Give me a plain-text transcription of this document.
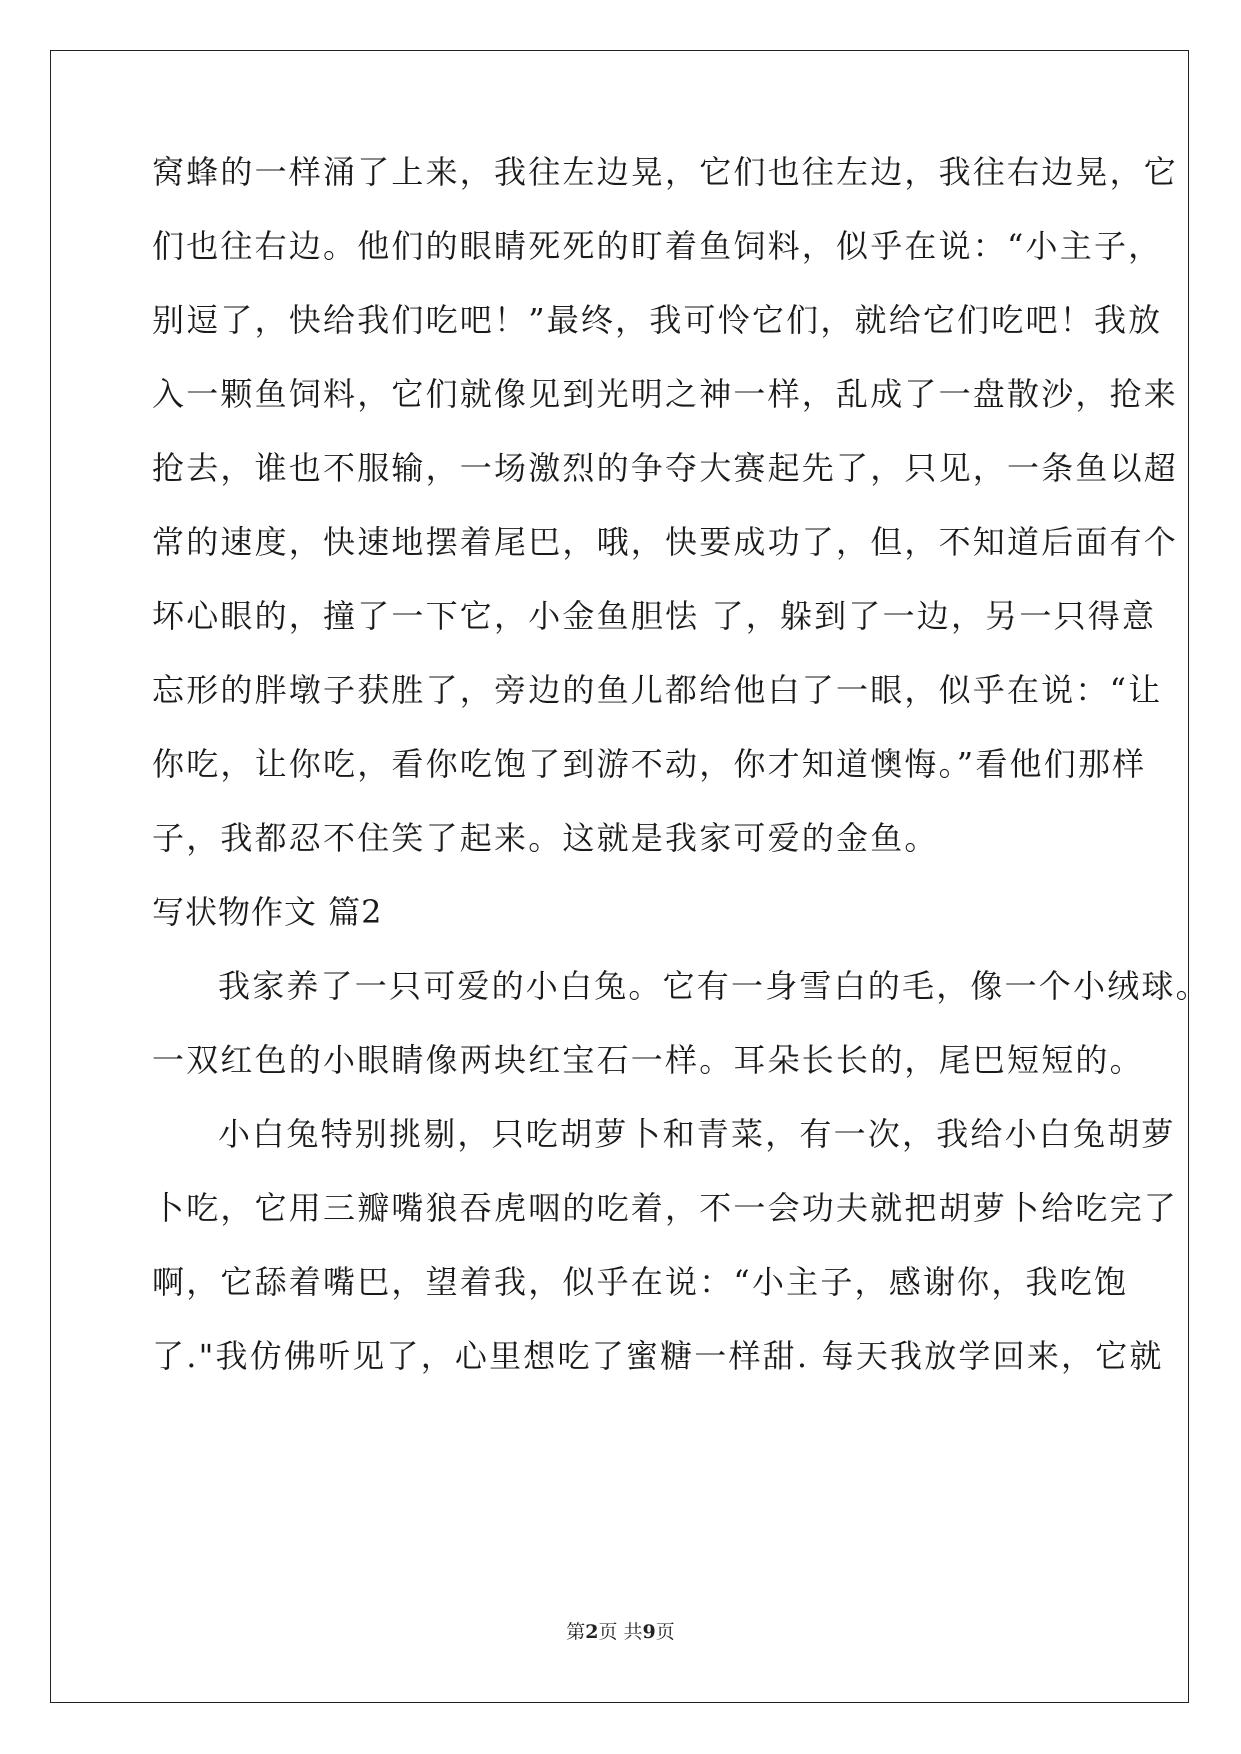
窝蜂的一样涌了上来，我往左边晃，它们也往左边，我往右边晃，它
们也往右边。他们的眼睛死死的盯着鱼饲料，似乎在说：“小主子，
别逗了，快给我们吃吧！”最终，我可怜它们，就给它们吃吧！我放
入一颗鱼饲料，它们就像见到光明之神一样，乱成了一盘散沙，抢来
抢去，谁也不服输，一场激烈的争夺大赛起先了，只见，一条鱼以超
常的速度，快速地摆着尾巴，哦，快要成功了，但，不知道后面有个
坏心眼的，撞了一下它，小金鱼胆怯 了，躲到了一边，另一只得意
忘形的胖墩子获胜了，旁边的鱼儿都给他白了一眼，似乎在说：“让
你吃，让你吃，看你吃饱了到游不动，你才知道懊悔。”看他们那样
子，我都忍不住笑了起来。这就是我家可爱的金鱼。
写状物作文 篇2
我家养了一只可爱的小白兔。它有一身雪白的毛，像一个小绒球。
一双红色的小眼睛像两块红宝石一样。耳朵长长的，尾巴短短的。
小白兔特别挑剔，只吃胡萝卜和青菜，有一次，我给小白兔胡萝
卜吃，它用三瓣嘴狼吞虎咽的吃着，不一会功夫就把胡萝卜给吃完了
啊，它舔着嘴巴，望着我，似乎在说：“小主子，感谢你，我吃饱
了."我仿佛听见了，心里想吃了蜜糖一样甜. 每天我放学回来，它就
第2页 共9页
